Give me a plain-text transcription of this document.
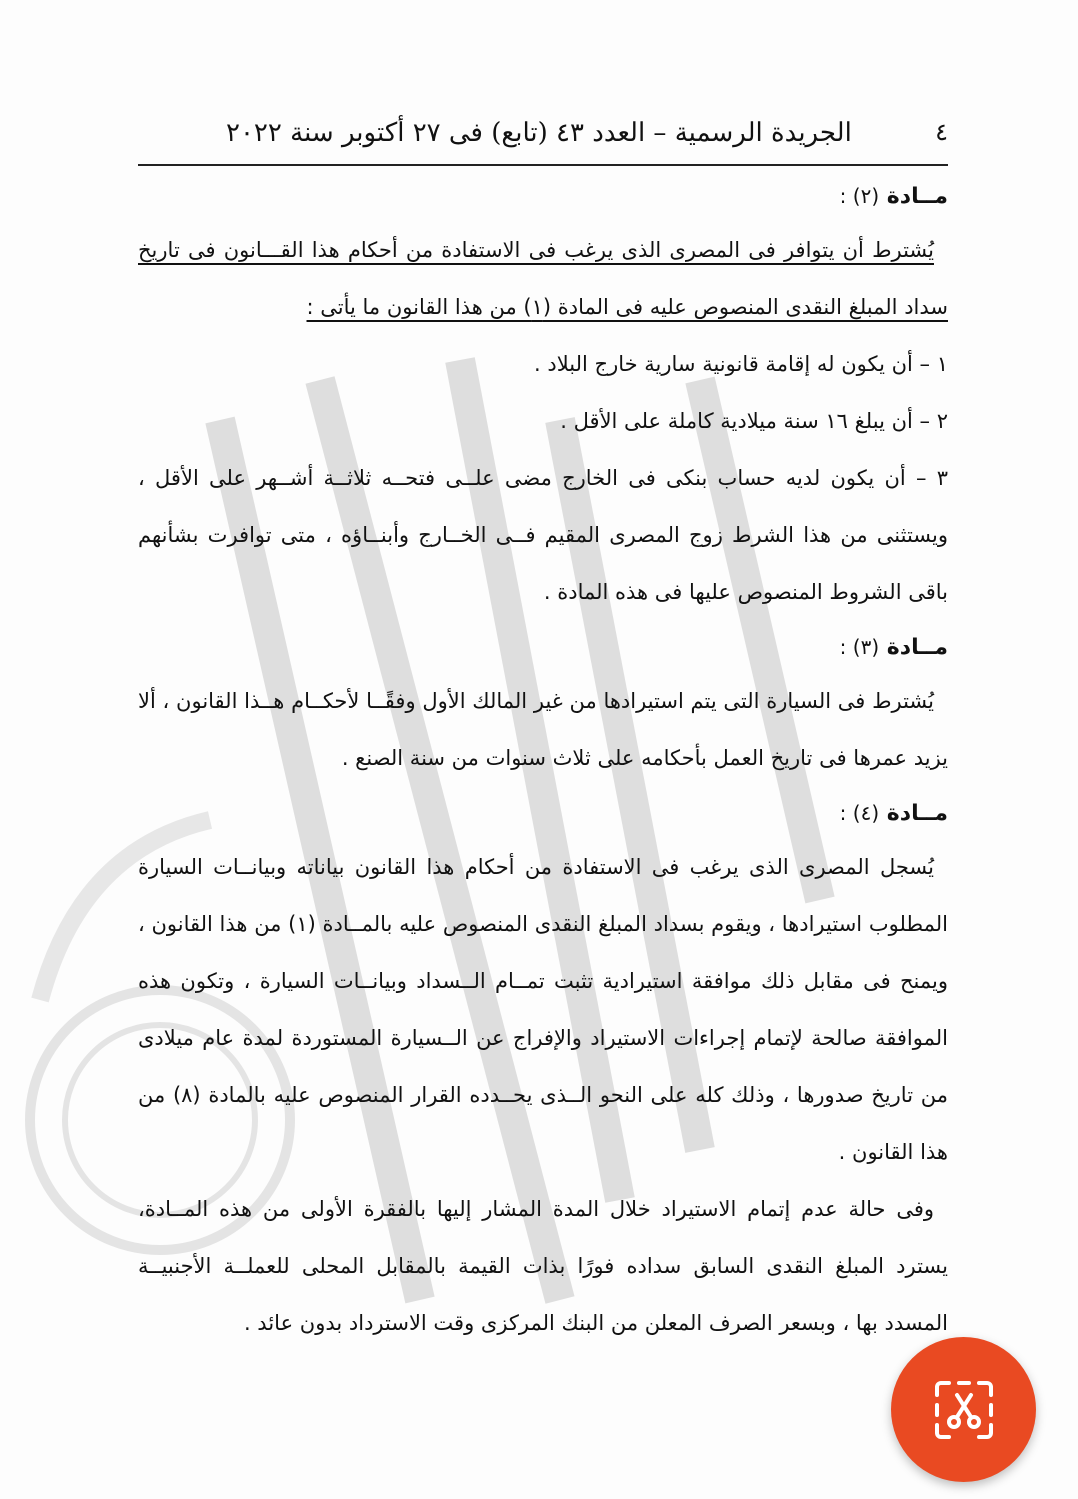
٤
الجريدة الرسمية – العدد ٤٣ (تابع) فى ٢٧ أكتوبر سنة ٢٠٢٢
مــادة (٢) :

يُشترط أن يتوافر فى المصرى الذى يرغب فى الاستفادة من أحكام هذا القـــانون فى تاريخ سداد المبلغ النقدى المنصوص عليه فى المادة (١) من هذا القانون ما يأتى :

١ – أن يكون له إقامة قانونية سارية خارج البلاد .

٢ – أن يبلغ ١٦ سنة ميلادية كاملة على الأقل .

٣ – أن يكون لديه حساب بنكى فى الخارج مضى علــى فتحــه ثلاثــة أشــهر على الأقل ، ويستثنى من هذا الشرط زوج المصرى المقيم فــى الخــارج وأبنــاؤه ، متى توافرت بشأنهم باقى الشروط المنصوص عليها فى هذه المادة .

مــادة (٣) :

يُشترط فى السيارة التى يتم استيرادها من غير المالك الأول وفقًــا لأحكــام هــذا القانون ، ألا يزيد عمرها فى تاريخ العمل بأحكامه على ثلاث سنوات من سنة الصنع .

مــادة (٤) :

يُسجل المصرى الذى يرغب فى الاستفادة من أحكام هذا القانون بياناته وبيانــات السيارة المطلوب استيرادها ، ويقوم بسداد المبلغ النقدى المنصوص عليه بالمــادة (١) من هذا القانون ، ويمنح فى مقابل ذلك موافقة استيرادية تثبت تمــام الــسداد وبيانــات السيارة ، وتكون هذه الموافقة صالحة لإتمام إجراءات الاستيراد والإفراج عن الــسيارة المستوردة لمدة عام ميلادى من تاريخ صدورها ، وذلك كله على النحو الــذى يحــدده القرار المنصوص عليه بالمادة (٨) من هذا القانون .

وفى حالة عدم إتمام الاستيراد خلال المدة المشار إليها بالفقرة الأولى من هذه المــادة، يسترد المبلغ النقدى السابق سداده فورًا بذات القيمة بالمقابل المحلى للعملــة الأجنبيــة المسدد بها ، وبسعر الصرف المعلن من البنك المركزى وقت الاسترداد بدون عائد .
